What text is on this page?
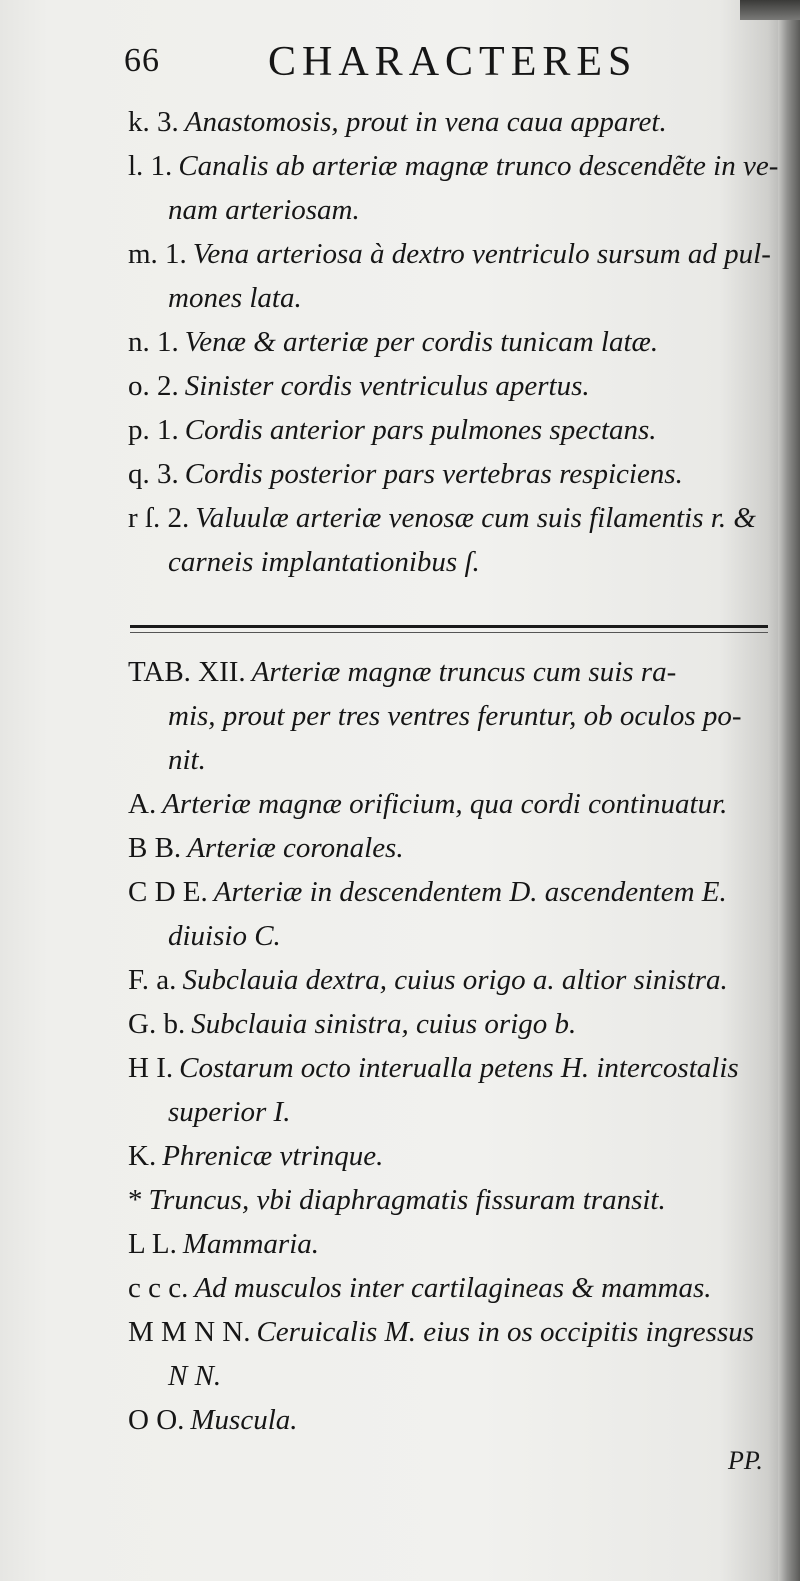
66	CHARACTERES
k. 3. Anastomosis, prout in vena caua apparet.
l. 1. Canalis ab arteriæ magnæ trunco descendẽte in ve-
nam arteriosam.
m. 1. Vena arteriosa à dextro ventriculo sursum ad pul-
mones lata.
n. 1. Venæ & arteriæ per cordis tunicam latæ.
o. 2. Sinister cordis ventriculus apertus.
p. 1. Cordis anterior pars pulmones spectans.
q. 3. Cordis posterior pars vertebras respiciens.
r ſ. 2. Valuulæ arteriæ venosæ cum suis filamentis r. &
carneis implantationibus ſ.
TAB. XII. Arteriæ magnæ truncus cum suis ra-
mis, prout per tres ventres feruntur, ob oculos po-
nit.
A. Arteriæ magnæ orificium, qua cordi continuatur.
B B. Arteriæ coronales.
C D E. Arteriæ in descendentem D. ascendentem E.
diuisio C.
F. a. Subclauia dextra, cuius origo a. altior sinistra.
G. b. Subclauia sinistra, cuius origo b.
H I. Costarum octo interualla petens H. intercostalis
superior I.
K. Phrenicæ vtrinque.
* Truncus, vbi diaphragmatis fissuram transit.
L L. Mammaria.
c c c. Ad musculos inter cartilagineas & mammas.
M M N N. Ceruicalis M. eius in os occipitis ingressus
N N.
O O. Muscula.
PP.
